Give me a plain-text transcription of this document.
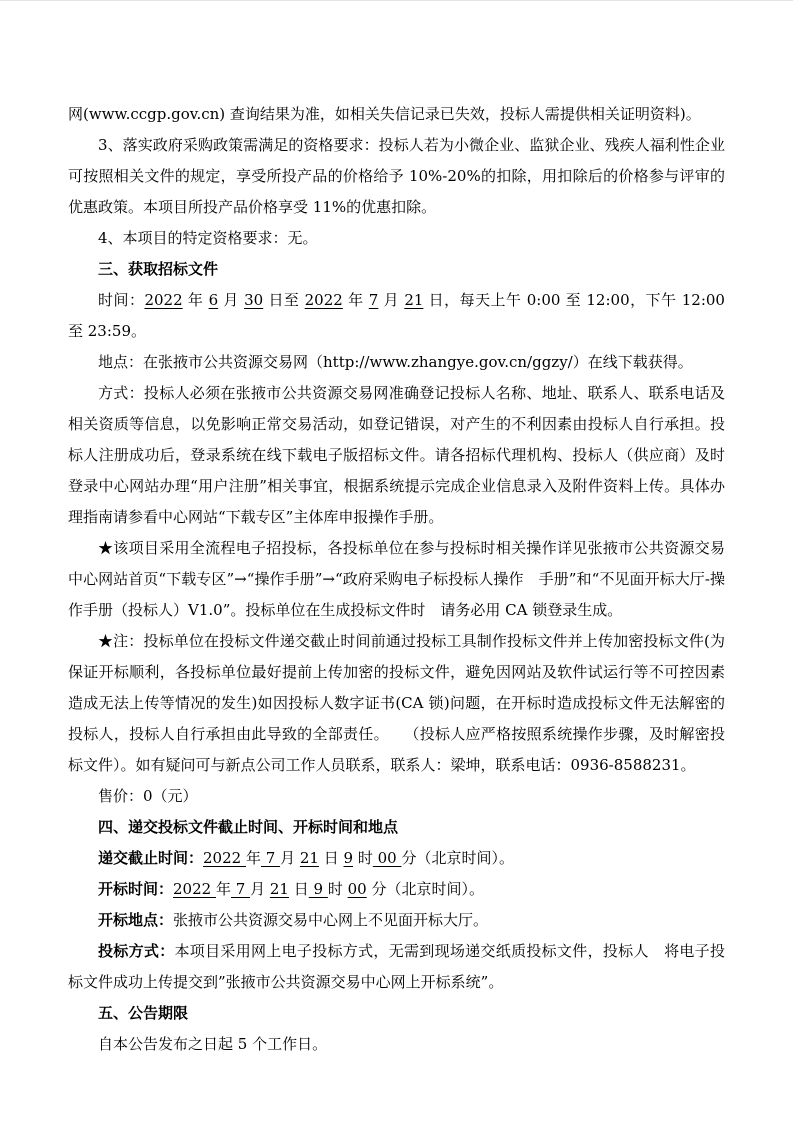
网(www.ccgp.gov.cn) 查询结果为准，如相关失信记录已失效，投标人需提供相关证明资料)。

3、落实政府采购政策需满足的资格要求：投标人若为小微企业、监狱企业、残疾人福利性企业可按照相关文件的规定，享受所投产品的价格给予 10%-20%的扣除，用扣除后的价格参与评审的优惠政策。本项目所投产品价格享受 11%的优惠扣除。

4、本项目的特定资格要求：无。

三、获取招标文件

时间：2022 年 6 月 30 日至 2022 年 7 月 21 日，每天上午 0:00 至 12:00，下午 12:00 至 23:59。

地点：在张掖市公共资源交易网（http://www.zhangye.gov.cn/ggzy/）在线下载获得。

方式：投标人必须在张掖市公共资源交易网准确登记投标人名称、地址、联系人、联系电话及相关资质等信息，以免影响正常交易活动，如登记错误，对产生的不利因素由投标人自行承担。投标人注册成功后，登录系统在线下载电子版招标文件。请各招标代理机构、投标人（供应商）及时登录中心网站办理“用户注册”相关事宜，根据系统提示完成企业信息录入及附件资料上传。具体办理指南请参看中心网站“下载专区”主体库申报操作手册。

★该项目采用全流程电子招投标，各投标单位在参与投标时相关操作详见张掖市公共资源交易中心网站首页“下载专区”→“操作手册”→“政府采购电子标投标人操作　手册”和“不见面开标大厅-操作手册（投标人）V1.0”。投标单位在生成投标文件时　请务必用 CA 锁登录生成。

★注：投标单位在投标文件递交截止时间前通过投标工具制作投标文件并上传加密投标文件(为保证开标顺利，各投标单位最好提前上传加密的投标文件，避免因网站及软件试运行等不可控因素造成无法上传等情况的发生)如因投标人数字证书(CA 锁)问题，在开标时造成投标文件无法解密的投标人，投标人自行承担由此导致的全部责任。　　（投标人应严格按照系统操作步骤，及时解密投标文件）。如有疑问可与新点公司工作人员联系，联系人：梁坤，联系电话：0936-8588231。

售价：0（元）

四、递交投标文件截止时间、开标时间和地点

递交截止时间：2022 年 7 月 21 日 9 时 00 分（北京时间）。

开标时间：2022 年 7 月 21 日 9 时 00 分（北京时间）。

开标地点：张掖市公共资源交易中心网上不见面开标大厅。

投标方式：本项目采用网上电子投标方式，无需到现场递交纸质投标文件，投标人　将电子投标文件成功上传提交到”张掖市公共资源交易中心网上开标系统”。

五、公告期限

自本公告发布之日起 5 个工作日。
